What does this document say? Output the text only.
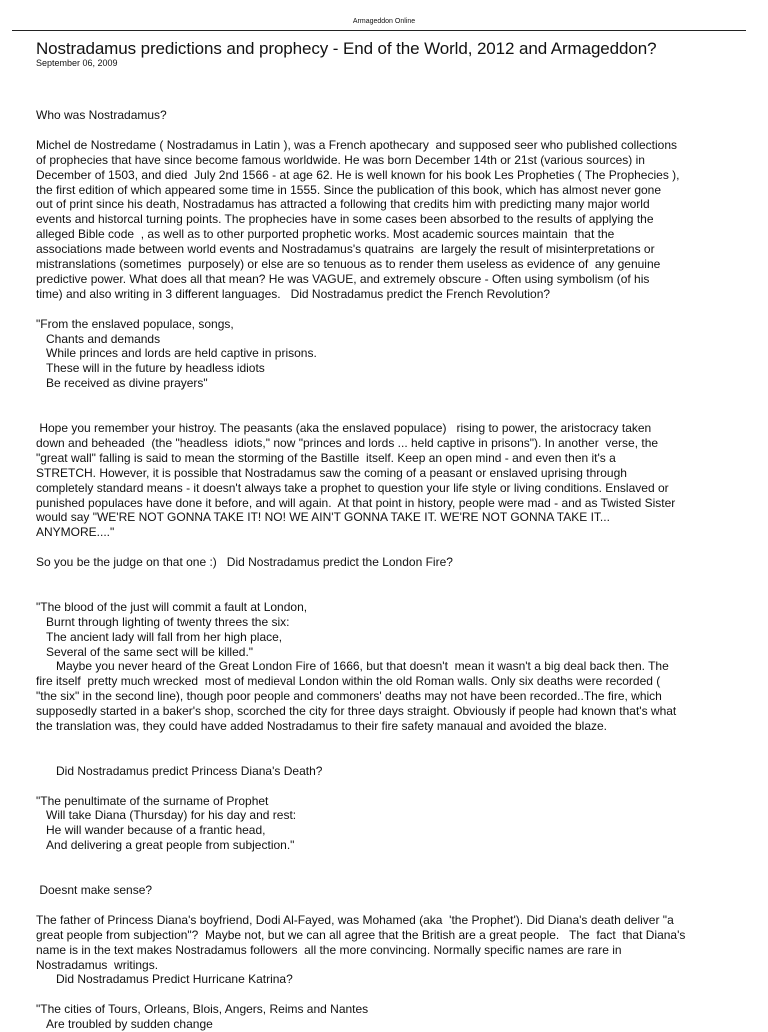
Armageddon Online
Nostradamus predictions and prophecy - End of the World, 2012 and Armageddon?
September 06, 2009

Who was Nostradamus?

Michel de Nostredame ( Nostradamus in Latin ), was a French apothecary  and supposed seer who published collections
of prophecies that have since become famous worldwide. He was born December 14th or 21st (various sources) in
December of 1503, and died  July 2nd 1566 - at age 62. He is well known for his book Les Propheties ( The Prophecies ),
the first edition of which appeared some time in 1555. Since the publication of this book, which has almost never gone
out of print since his death, Nostradamus has attracted a following that credits him with predicting many major world
events and historcal turning points. The prophecies have in some cases been absorbed to the results of applying the
alleged Bible code  , as well as to other purported prophetic works. Most academic sources maintain  that the
associations made between world events and Nostradamus's quatrains  are largely the result of misinterpretations or
mistranslations (sometimes  purposely) or else are so tenuous as to render them useless as evidence of  any genuine
predictive power. What does all that mean? He was VAGUE, and extremely obscure - Often using symbolism (of his
time) and also writing in 3 different languages.   Did Nostradamus predict the French Revolution?

"From the enslaved populace, songs,
Chants and demands
While princes and lords are held captive in prisons.
These will in the future by headless idiots
Be received as divine prayers"

Hope you remember your histroy. The peasants (aka the enslaved populace)   rising to power, the aristocracy taken
down and beheaded  (the "headless  idiots," now "princes and lords ... held captive in prisons"). In another  verse, the
"great wall" falling is said to mean the storming of the Bastille  itself. Keep an open mind - and even then it's a
STRETCH. However, it is possible that Nostradamus saw the coming of a peasant or enslaved uprising through
completely standard means - it doesn't always take a prophet to question your life style or living conditions. Enslaved or
punished populaces have done it before, and will again.  At that point in history, people were mad - and as Twisted Sister
would say "WE'RE NOT GONNA TAKE IT! NO! WE AIN'T GONNA TAKE IT. WE'RE NOT GONNA TAKE IT...
ANYMORE...."

So you be the judge on that one :)   Did Nostradamus predict the London Fire?

"The blood of the just will commit a fault at London,
Burnt through lighting of twenty threes the six:
The ancient lady will fall from her high place,
Several of the same sect will be killed."
Maybe you never heard of the Great London Fire of 1666, but that doesn't  mean it wasn't a big deal back then. The
fire itself  pretty much wrecked  most of medieval London within the old Roman walls. Only six deaths were recorded (
"the six" in the second line), though poor people and commoners' deaths may not have been recorded..The fire, which
supposedly started in a baker's shop, scorched the city for three days straight. Obviously if people had known that's what
the translation was, they could have added Nostradamus to their fire safety manaual and avoided the blaze.

Did Nostradamus predict Princess Diana's Death?

"The penultimate of the surname of Prophet
Will take Diana (Thursday) for his day and rest:
He will wander because of a frantic head,
And delivering a great people from subjection."

Doesnt make sense?

The father of Princess Diana's boyfriend, Dodi Al-Fayed, was Mohamed (aka  'the Prophet'). Did Diana's death deliver "a
great people from subjection"?  Maybe not, but we can all agree that the British are a great people.   The  fact  that Diana's
name is in the text makes Nostradamus followers  all the more convincing. Normally specific names are rare in
Nostradamus  writings.
Did Nostradamus Predict Hurricane Katrina?

"The cities of Tours, Orleans, Blois, Angers, Reims and Nantes
Are troubled by sudden change
